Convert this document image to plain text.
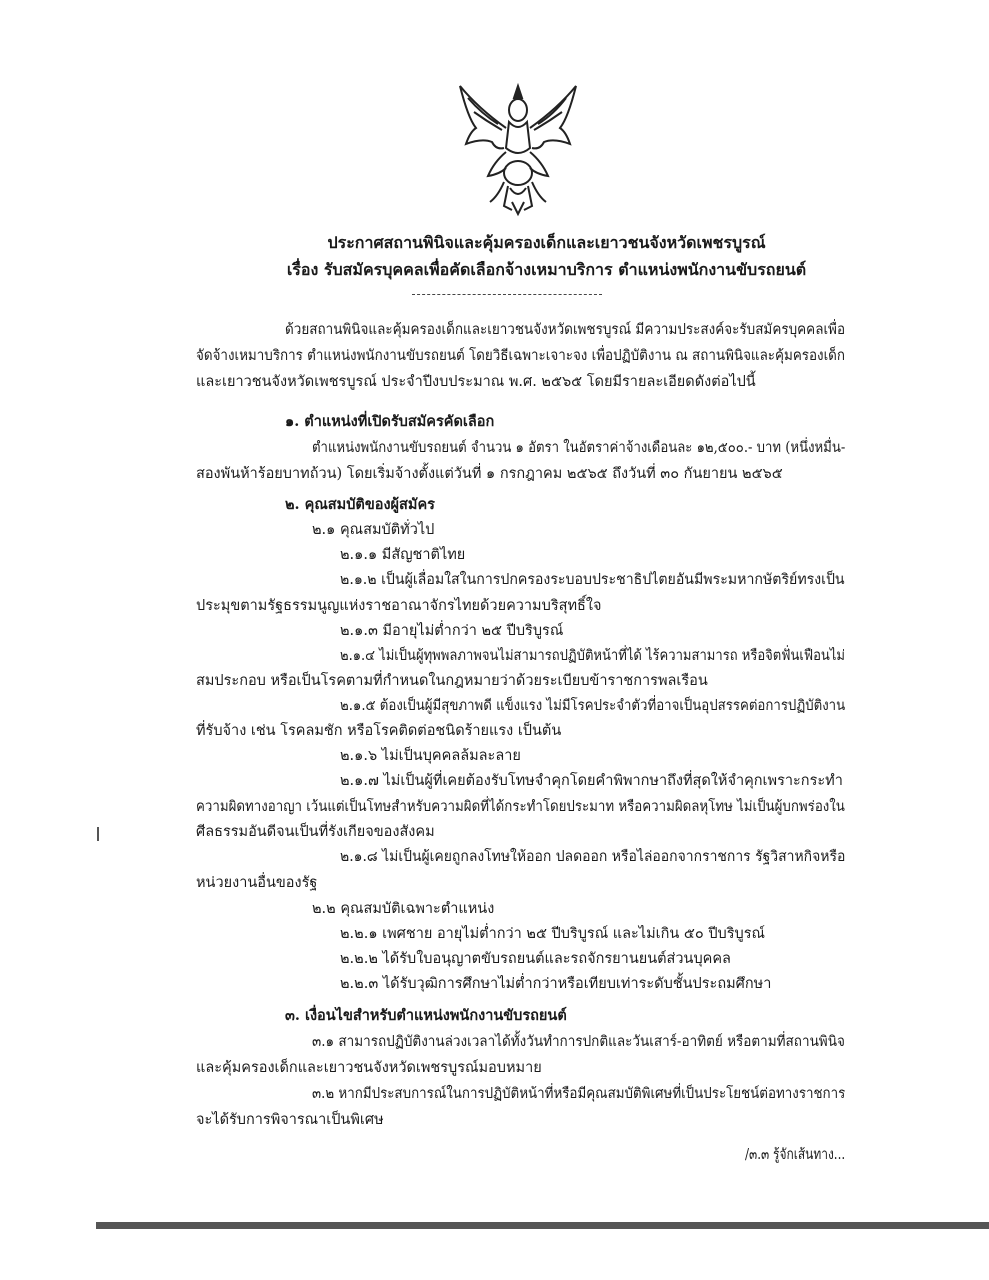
ประกาศสถานพินิจและคุ้มครองเด็กและเยาวชนจังหวัดเพชรบูรณ์
เรื่อง รับสมัครบุคคลเพื่อคัดเลือกจ้างเหมาบริการ ตำแหน่งพนักงานขับรถยนต์
ด้วยสถานพินิจและคุ้มครองเด็กและเยาวชนจังหวัดเพชรบูรณ์ มีความประสงค์จะรับสมัครบุคคลเพื่อ
จัดจ้างเหมาบริการ ตำแหน่งพนักงานขับรถยนต์ โดยวิธีเฉพาะเจาะจง เพื่อปฏิบัติงาน ณ สถานพินิจและคุ้มครองเด็ก
และเยาวชนจังหวัดเพชรบูรณ์ ประจำปีงบประมาณ พ.ศ. ๒๕๖๕ โดยมีรายละเอียดดังต่อไปนี้
๑. ตำแหน่งที่เปิดรับสมัครคัดเลือก
ตำแหน่งพนักงานขับรถยนต์ จำนวน ๑ อัตรา ในอัตราค่าจ้างเดือนละ ๑๒,๕๐๐.- บาท (หนึ่งหมื่น-
สองพันห้าร้อยบาทถ้วน) โดยเริ่มจ้างตั้งแต่วันที่ ๑ กรกฎาคม ๒๕๖๕ ถึงวันที่ ๓๐ กันยายน ๒๕๖๕
๒. คุณสมบัติของผู้สมัคร
๒.๑ คุณสมบัติทั่วไป
๒.๑.๑ มีสัญชาติไทย
๒.๑.๒ เป็นผู้เลื่อมใสในการปกครองระบอบประชาธิปไตยอันมีพระมหากษัตริย์ทรงเป็น
ประมุขตามรัฐธรรมนูญแห่งราชอาณาจักรไทยด้วยความบริสุทธิ์ใจ
๒.๑.๓ มีอายุไม่ต่ำกว่า ๒๕ ปีบริบูรณ์
๒.๑.๔ ไม่เป็นผู้ทุพพลภาพจนไม่สามารถปฏิบัติหน้าที่ได้ ไร้ความสามารถ หรือจิตฟั่นเฟือนไม่
สมประกอบ หรือเป็นโรคตามที่กำหนดในกฎหมายว่าด้วยระเบียบข้าราชการพลเรือน
๒.๑.๕ ต้องเป็นผู้มีสุขภาพดี แข็งแรง ไม่มีโรคประจำตัวที่อาจเป็นอุปสรรคต่อการปฏิบัติงาน
ที่รับจ้าง เช่น โรคลมชัก หรือโรคติดต่อชนิดร้ายแรง เป็นต้น
๒.๑.๖ ไม่เป็นบุคคลล้มละลาย
๒.๑.๗ ไม่เป็นผู้ที่เคยต้องรับโทษจำคุกโดยคำพิพากษาถึงที่สุดให้จำคุกเพราะกระทำ
ความผิดทางอาญา เว้นแต่เป็นโทษสำหรับความผิดที่ได้กระทำโดยประมาท หรือความผิดลหุโทษ ไม่เป็นผู้บกพร่องใน
ศีลธรรมอันดีจนเป็นที่รังเกียจของสังคม
๒.๑.๘ ไม่เป็นผู้เคยถูกลงโทษให้ออก ปลดออก หรือไล่ออกจากราชการ รัฐวิสาหกิจหรือ
หน่วยงานอื่นของรัฐ
๒.๒ คุณสมบัติเฉพาะตำแหน่ง
๒.๒.๑ เพศชาย อายุไม่ต่ำกว่า ๒๕ ปีบริบูรณ์ และไม่เกิน ๕๐ ปีบริบูรณ์
๒.๒.๒ ได้รับใบอนุญาตขับรถยนต์และรถจักรยานยนต์ส่วนบุคคล
๒.๒.๓ ได้รับวุฒิการศึกษาไม่ต่ำกว่าหรือเทียบเท่าระดับชั้นประถมศึกษา
๓. เงื่อนไขสำหรับตำแหน่งพนักงานขับรถยนต์
๓.๑ สามารถปฏิบัติงานล่วงเวลาได้ทั้งวันทำการปกติและวันเสาร์-อาทิตย์ หรือตามที่สถานพินิจ
และคุ้มครองเด็กและเยาวชนจังหวัดเพชรบูรณ์มอบหมาย
๓.๒ หากมีประสบการณ์ในการปฏิบัติหน้าที่หรือมีคุณสมบัติพิเศษที่เป็นประโยชน์ต่อทางราชการ
จะได้รับการพิจารณาเป็นพิเศษ
/๓.๓ รู้จักเส้นทาง...
